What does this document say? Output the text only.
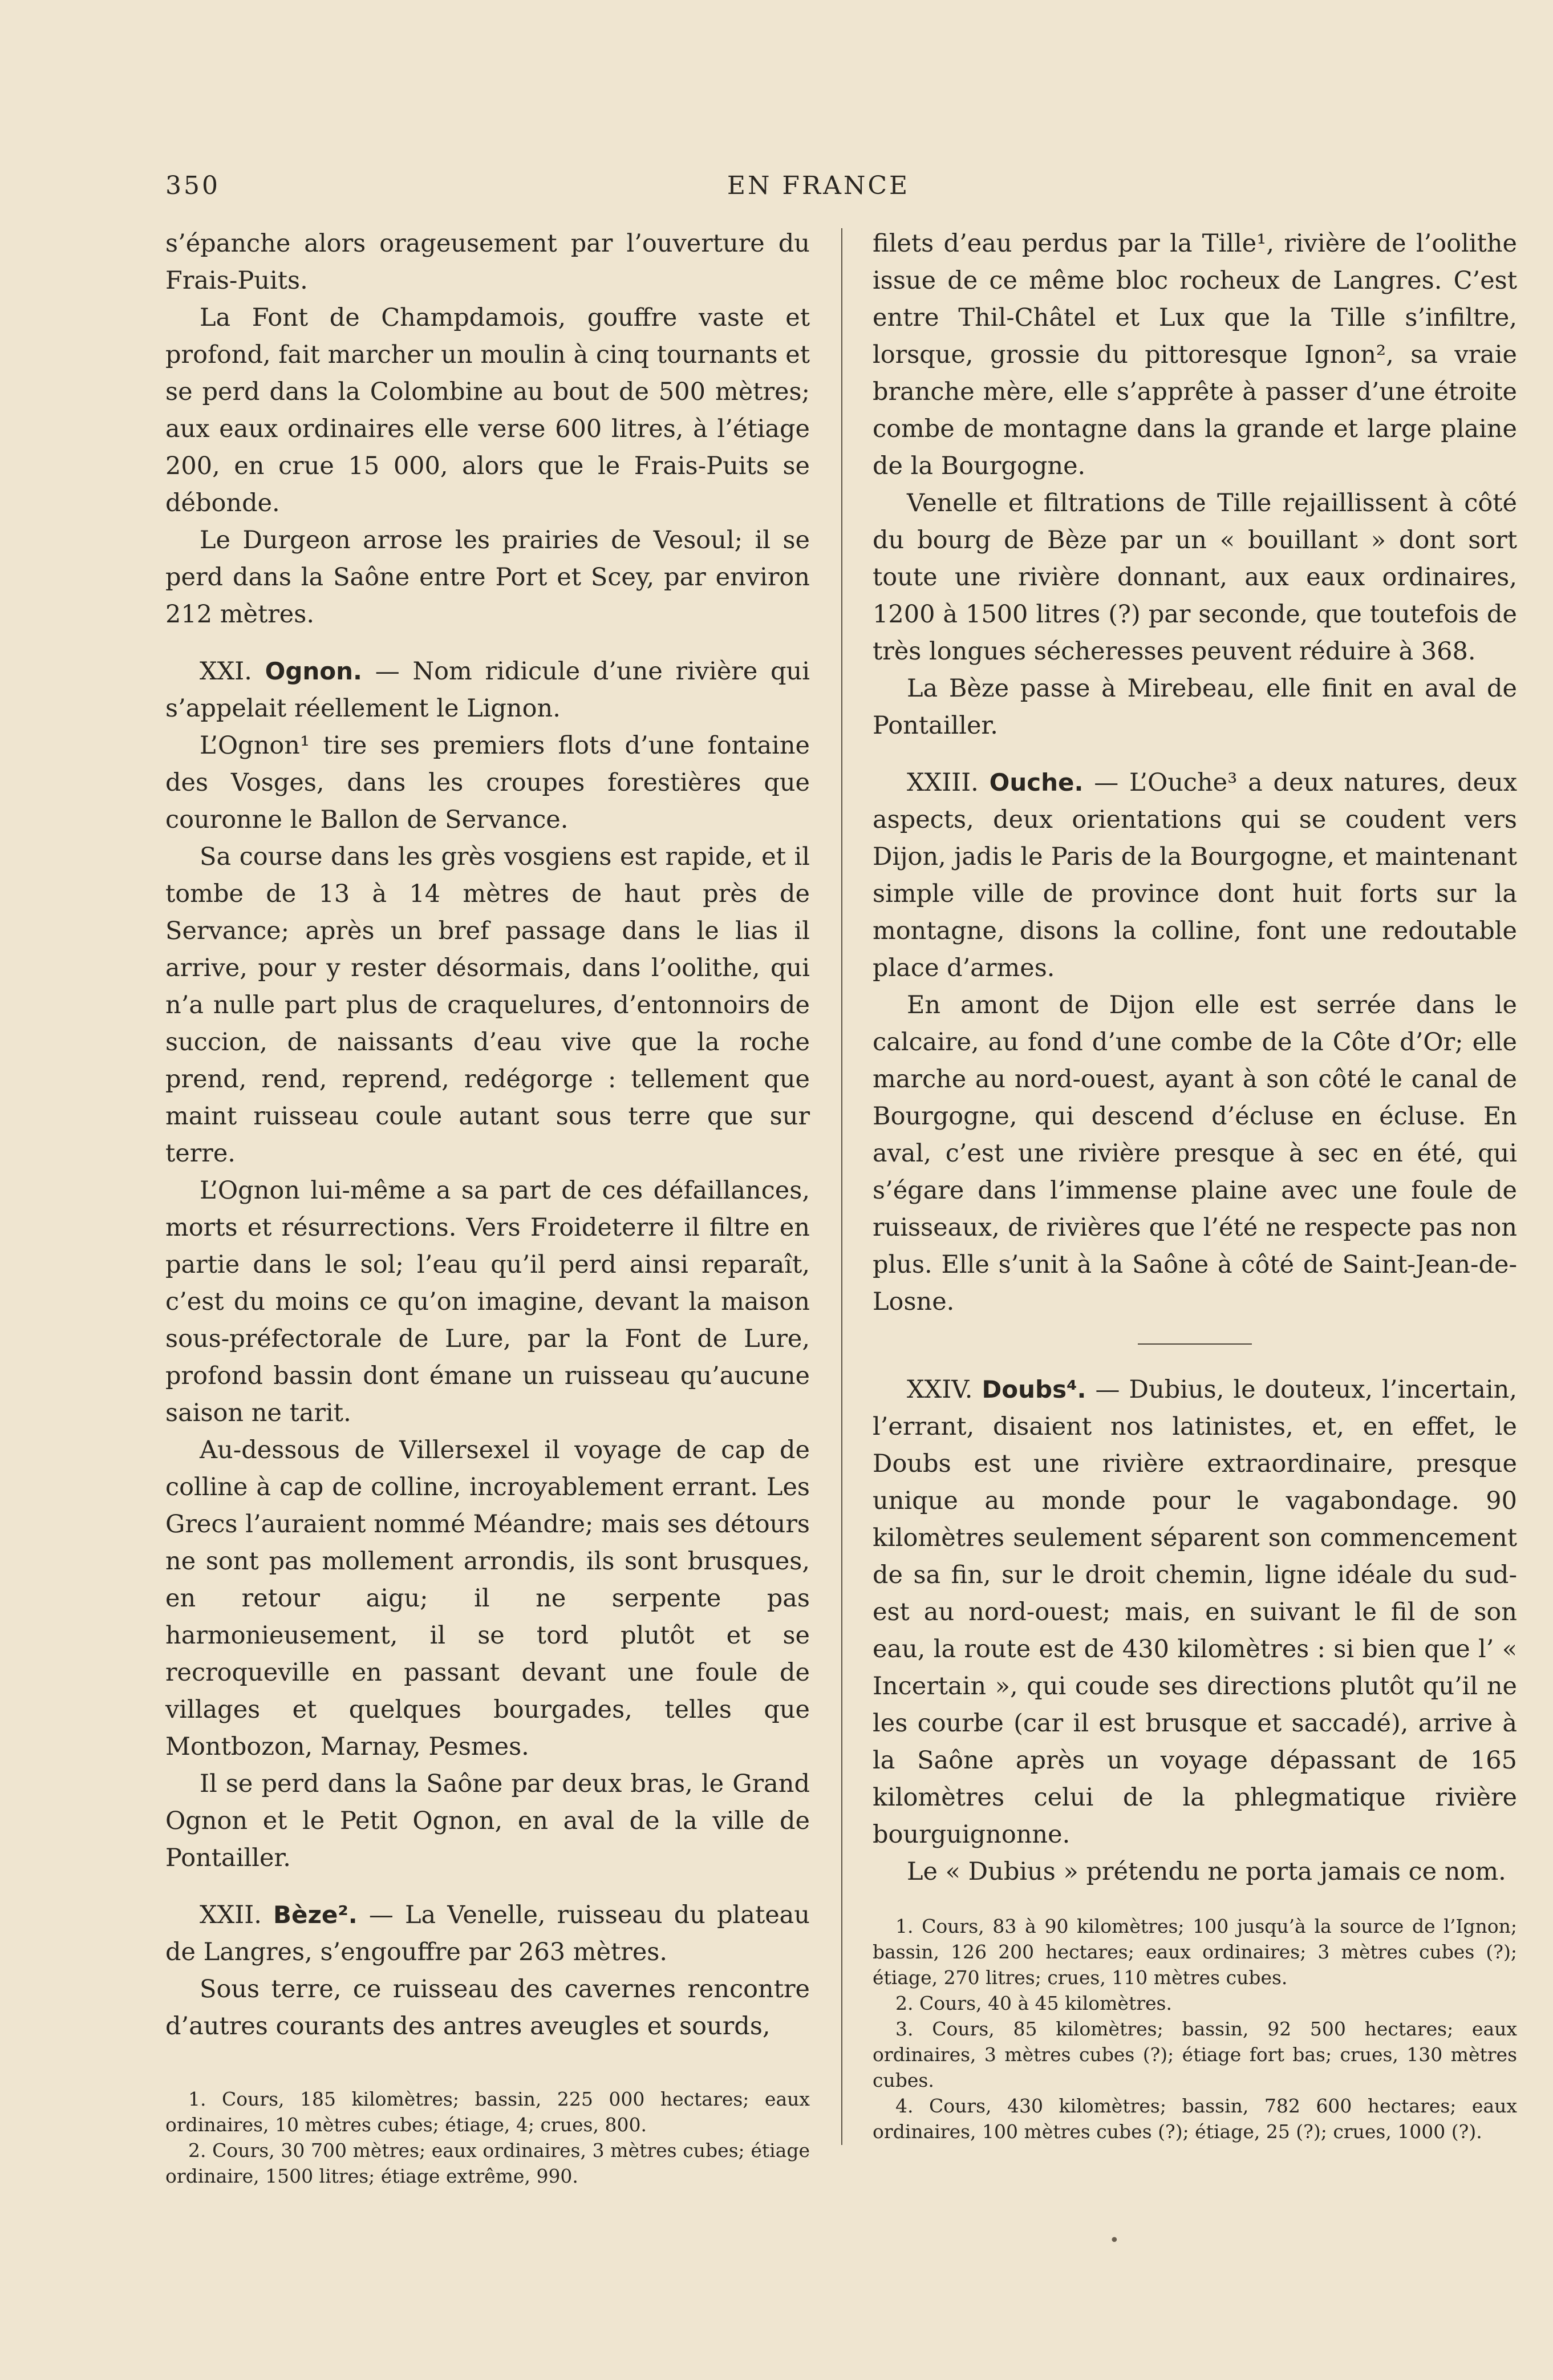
350	EN FRANCE

s’épanche alors orageusement par l’ouverture du Frais-Puits.

La Font de Champdamois, gouffre vaste et profond, fait marcher un moulin à cinq tournants et se perd dans la Colombine au bout de 500 mètres; aux eaux ordinaires elle verse 600 litres, à l’étiage 200, en crue 15 000, alors que le Frais-Puits se débonde.

Le Durgeon arrose les prairies de Vesoul; il se perd dans la Saône entre Port et Scey, par environ 212 mètres.

XXI. Ognon. — Nom ridicule d’une rivière qui s’appelait réellement le Lignon.

L’Ognon¹ tire ses premiers flots d’une fontaine des Vosges, dans les croupes forestières que couronne le Ballon de Servance.

Sa course dans les grès vosgiens est rapide, et il tombe de 13 à 14 mètres de haut près de Servance; après un bref passage dans le lias il arrive, pour y rester désormais, dans l’oolithe, qui n’a nulle part plus de craquelures, d’entonnoirs de succion, de naissants d’eau vive que la roche prend, rend, reprend, redégorge : tellement que maint ruisseau coule autant sous terre que sur terre.

L’Ognon lui-même a sa part de ces défaillances, morts et résurrections. Vers Froideterre il filtre en partie dans le sol; l’eau qu’il perd ainsi reparaît, c’est du moins ce qu’on imagine, devant la maison sous-préfectorale de Lure, par la Font de Lure, profond bassin dont émane un ruisseau qu’aucune saison ne tarit.

Au-dessous de Villersexel il voyage de cap de colline à cap de colline, incroyablement errant. Les Grecs l’auraient nommé Méandre; mais ses détours ne sont pas mollement arrondis, ils sont brusques, en retour aigu; il ne serpente pas harmonieusement, il se tord plutôt et se recroqueville en passant devant une foule de villages et quelques bourgades, telles que Montbozon, Marnay, Pesmes.

Il se perd dans la Saône par deux bras, le Grand Ognon et le Petit Ognon, en aval de la ville de Pontailler.

XXII. Bèze². — La Venelle, ruisseau du plateau de Langres, s’engouffre par 263 mètres.

Sous terre, ce ruisseau des cavernes rencontre d’autres courants des antres aveugles et sourds,

1. Cours, 185 kilomètres; bassin, 225 000 hectares; eaux ordinaires, 10 mètres cubes; étiage, 4; crues, 800.

2. Cours, 30 700 mètres; eaux ordinaires, 3 mètres cubes; étiage ordinaire, 1500 litres; étiage extrême, 990.

filets d’eau perdus par la Tille¹, rivière de l’oolithe issue de ce même bloc rocheux de Langres. C’est entre Thil-Châtel et Lux que la Tille s’infiltre, lorsque, grossie du pittoresque Ignon², sa vraie branche mère, elle s’apprête à passer d’une étroite combe de montagne dans la grande et large plaine de la Bourgogne.

Venelle et filtrations de Tille rejaillissent à côté du bourg de Bèze par un « bouillant » dont sort toute une rivière donnant, aux eaux ordinaires, 1200 à 1500 litres (?) par seconde, que toutefois de très longues sécheresses peuvent réduire à 368.

La Bèze passe à Mirebeau, elle finit en aval de Pontailler.

XXIII. Ouche. — L’Ouche³ a deux natures, deux aspects, deux orientations qui se coudent vers Dijon, jadis le Paris de la Bourgogne, et maintenant simple ville de province dont huit forts sur la montagne, disons la colline, font une redoutable place d’armes.

En amont de Dijon elle est serrée dans le calcaire, au fond d’une combe de la Côte d’Or; elle marche au nord-ouest, ayant à son côté le canal de Bourgogne, qui descend d’écluse en écluse. En aval, c’est une rivière presque à sec en été, qui s’égare dans l’immense plaine avec une foule de ruisseaux, de rivières que l’été ne respecte pas non plus. Elle s’unit à la Saône à côté de Saint-Jean-de-Losne.

XXIV. Doubs⁴. — Dubius, le douteux, l’incertain, l’errant, disaient nos latinistes, et, en effet, le Doubs est une rivière extraordinaire, presque unique au monde pour le vagabondage. 90 kilomètres seulement séparent son commencement de sa fin, sur le droit chemin, ligne idéale du sud-est au nord-ouest; mais, en suivant le fil de son eau, la route est de 430 kilomètres : si bien que l’ « Incertain », qui coude ses directions plutôt qu’il ne les courbe (car il est brusque et saccadé), arrive à la Saône après un voyage dépassant de 165 kilomètres celui de la phlegmatique rivière bourguignonne.

Le « Dubius » prétendu ne porta jamais ce nom.

1. Cours, 83 à 90 kilomètres; 100 jusqu’à la source de l’Ignon; bassin, 126 200 hectares; eaux ordinaires; 3 mètres cubes (?); étiage, 270 litres; crues, 110 mètres cubes.

2. Cours, 40 à 45 kilomètres.

3. Cours, 85 kilomètres; bassin, 92 500 hectares; eaux ordinaires, 3 mètres cubes (?); étiage fort bas; crues, 130 mètres cubes.

4. Cours, 430 kilomètres; bassin, 782 600 hectares; eaux ordinaires, 100 mètres cubes (?); étiage, 25 (?); crues, 1000 (?).

•
